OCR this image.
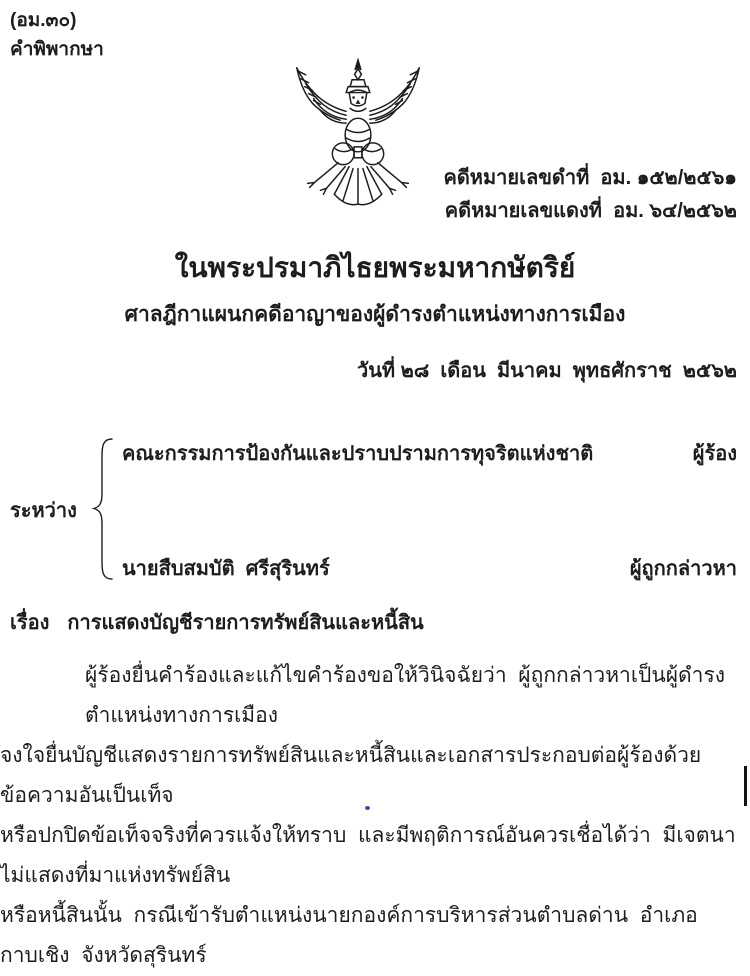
(อม.๓๐)
คำพิพากษา
คดีหมายเลขดำที่  อม. ๑๕๒/๒๕๖๑
คดีหมายเลขแดงที่  อม. ๖๔/๒๕๖๒
ในพระปรมาภิไธยพระมหากษัตริย์
ศาลฎีกาแผนกคดีอาญาของผู้ดำรงตำแหน่งทางการเมือง
วันที่ ๒๘  เดือน  มีนาคม  พุทธศักราช  ๒๕๖๒
ระหว่าง
คณะกรรมการป้องกันและปราบปรามการทุจริตแห่งชาติ	ผู้ร้อง
นายสืบสมบัติ  ศรีสุรินทร์	ผู้ถูกกล่าวหา
เรื่อง การแสดงบัญชีรายการทรัพย์สินและหนี้สิน
ผู้ร้องยื่นคำร้องและแก้ไขคำร้องขอให้วินิจฉัยว่า  ผู้ถูกกล่าวหาเป็นผู้ดำรงตำแหน่งทางการเมือง
จงใจยื่นบัญชีแสดงรายการทรัพย์สินและหนี้สินและเอกสารประกอบต่อผู้ร้องด้วยข้อความอันเป็นเท็จ
หรือปกปิดข้อเท็จจริงที่ควรแจ้งให้ทราบ  และมีพฤติการณ์อันควรเชื่อได้ว่า  มีเจตนาไม่แสดงที่มาแห่งทรัพย์สิน
หรือหนี้สินนั้น  กรณีเข้ารับตำแหน่งนายกองค์การบริหารส่วนตำบลด่าน  อำเภอกาบเชิง  จังหวัดสุรินทร์
